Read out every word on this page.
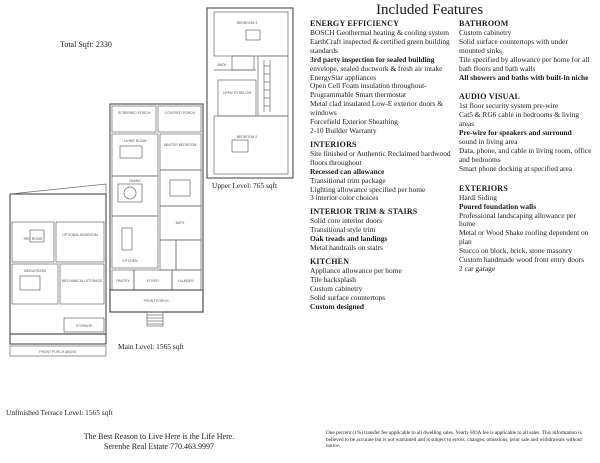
Included Features
Total Sqft: 2330
BEDROOM 3
BEDROOM 2
OPEN TO BELOW
BATH
SCREENED PORCH	COVERED PORCH
LIVING ROOM
MASTER BEDROOM
DINING
KITCHEN
PANTRY	FOYER	LAUNDRY
FRONT PORCH
BATH
REC ROOM
OPTIONAL BEDROOM
MEDIA ROOM
MECHANICAL/ STORAGE
STORAGE
FRONT PORCH ABOVE
Upper Level: 765 sqft
Main Level: 1565 sqft
Unfinished Terrace Level: 1565 sqft
ENERGY EFFICIENCY
BOSCH Geothermal heating & cooling system
EarthCraft inspected & certified green building standards
3rd party inspection for sealed building
envelope, sealed ductwork & fresh air intake
EnergyStar appliances
Open Cell Foam insulation throughout-
Programmable Smart thermostat
Metal clad insulated Low-E exterior doors & windows
Forcefield Exterior Sheathing
2-10 Builder Warranty
INTERIORS
Site finished or Authentic Reclaimed hardwood floors throughout
Recessed can allowance
Transitional trim package
Lighting allowance specified per home
3 interior color choices
INTERIOR TRIM & STAIRS
Solid core interior doors
Transitional style trim
Oak treads and landings
Metal handrails on stairs
KITCHEN
Appliance allowance per home
Tile backsplash
Custom cabinetry
Solid surface countertops
Custom designed
BATHROOM
Custom cabinetry
Solid surface countertops with under mounted sinks
Tile specified by allowance per home for all bath floors and bath walls
All showers and baths with built-in niche
AUDIO VISUAL
1st floor security system pre-wire
Cat5 & RG6 cable in bedrooms & living areas
Pre-wire for speakers and surround
sound in living area
Data, phone, and cable in living room, office and bedrooms
Smart phone docking at specified area
EXTERIORS
Hardi Siding
Poured foundation walls
Professional landscaping allowance per home
Metal or Wood Shake roofing dependent on plan
Stucco on block, brick, stone masonry
Custom handmade wood front entry doors
2 car garage
The Best Reason to Live Here is the Life Here.
Serenbe Real Estate 770.463.9997
One percent (1%) transfer fee applicable to all dwelling sales. Yearly HOA fee is applicable to all sales. This information is believed to be accurate but is not warranted and is subject to errors, changes, omissions, prior sale and withdrawals without notice.
